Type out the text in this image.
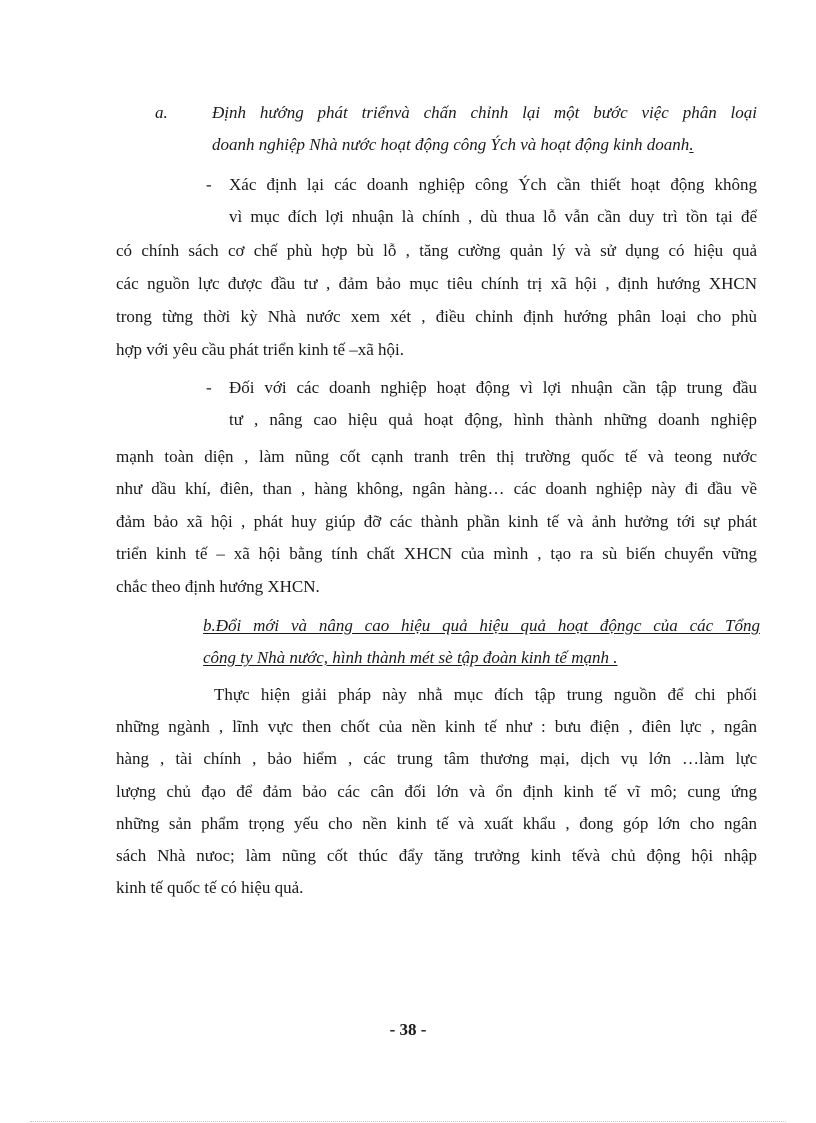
a.	Định hướng phát triểnvà chấn chỉnh lại một bước việc phân loại
doanh nghiệp Nhà nước hoạt động công Ých và hoạt động kinh doanh.
- Xác định lại các doanh nghiệp công Ých cần thiết hoạt động không
vì mục đích lợi nhuận là chính , dù thua lỗ vẫn cần duy trì tồn tại để
có chính sách cơ chế phù hợp bù lỗ , tăng cường quản lý và sử dụng có hiệu quả
các nguồn lực được đầu tư , đảm bảo mục tiêu chính trị xã hội , định hướng XHCN
trong từng thời kỳ Nhà nước xem xét , điều chỉnh định hướng phân loại cho phù
hợp với yêu cầu phát triển kinh tế –xã hội.
- Đối với các doanh nghiệp hoạt động vì lợi nhuận cần tập trung đầu
tư , nâng cao hiệu quả hoạt động, hình thành những doanh nghiệp
mạnh toàn diện , làm nũng cốt cạnh tranh trên thị trường quốc tế và teong nước
như dầu khí, điên, than , hàng không, ngân hàng… các doanh nghiệp này đi đầu về
đảm bảo xã hội , phát huy giúp đỡ các thành phần kinh tế và ảnh hưởng tới sự phát
triển kinh tế – xã hội bằng tính chất XHCN của mình , tạo ra sù biến chuyển vững
chắc theo định hướng XHCN.
b.Đổi mới và nâng cao hiệu quả hiệu quả hoạt độngc của các Tổng
công ty Nhà nước, hình thành mét sè tập đoàn kinh tế mạnh .
Thực hiện giải pháp này nhằ mục đích tập trung nguồn để chi phối
những ngành , lĩnh vực then chốt của nền kinh tế như : bưu điện , điên lực , ngân
hàng , tài chính , bảo hiểm , các trung tâm thương mại, dịch vụ lớn …làm lực
lượng chủ đạo để đảm bảo các cân đối lớn và ổn định kinh tế vĩ mô; cung ứng
những sản phẩm trọng yếu cho nền kinh tế và xuất khẩu , đong góp lớn cho ngân
sách Nhà nưoc; làm nũng cốt thúc đẩy tăng trưởng kinh tếvà chủ động hội nhập
kinh tế quốc tế có hiệu quả.
- 38 -
